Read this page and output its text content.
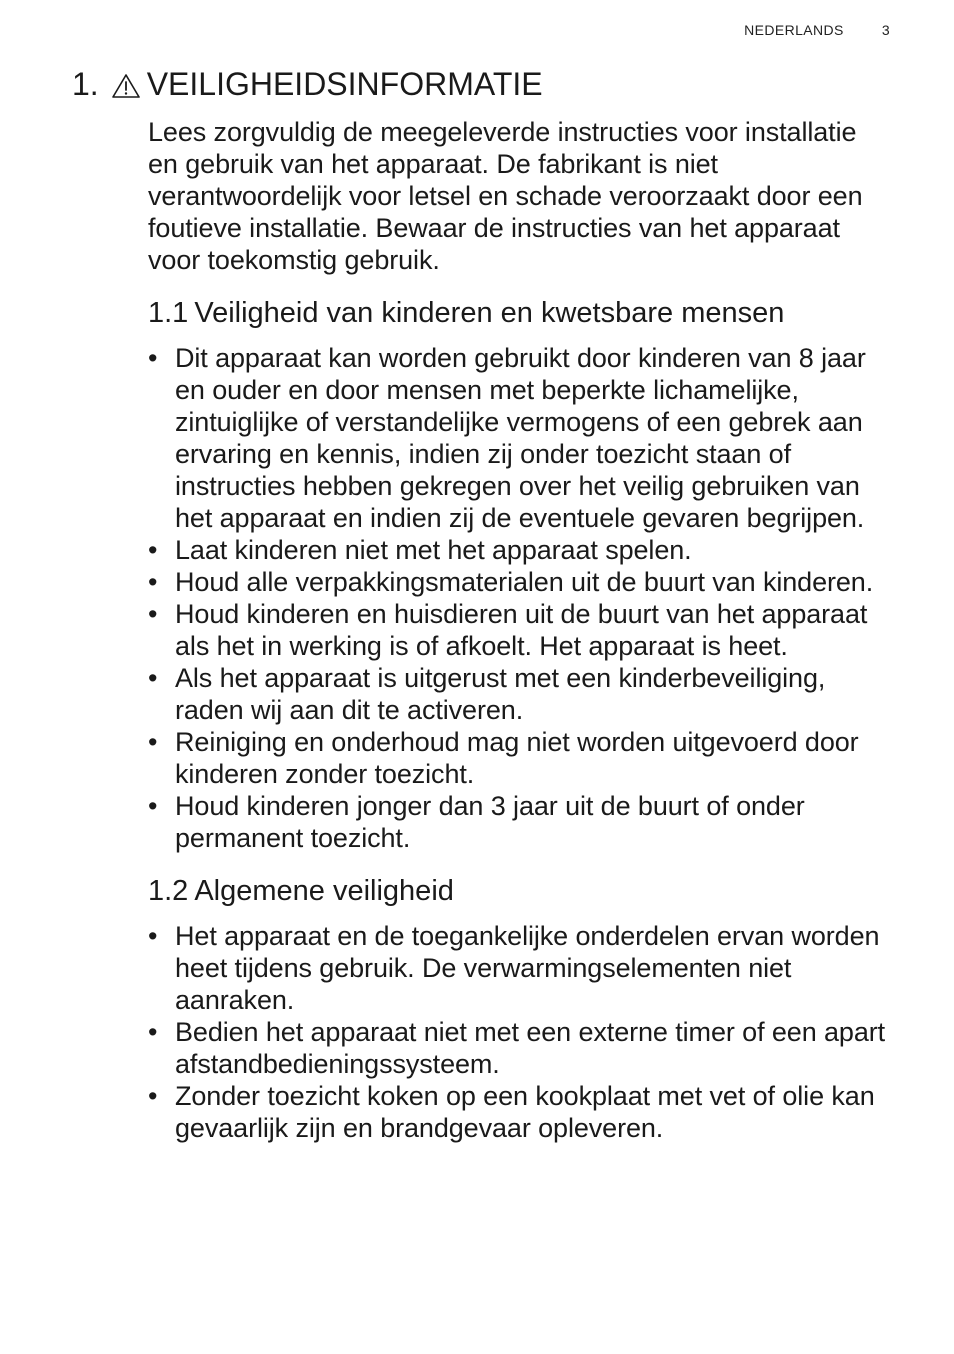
NEDERLANDS	3
1. VEILIGHEIDSINFORMATIE

Lees zorgvuldig de meegeleverde instructies voor installatie en gebruik van het apparaat. De fabrikant is niet verantwoordelijk voor letsel en schade veroorzaakt door een foutieve installatie. Bewaar de instructies van het apparaat voor toekomstig gebruik.

1.1 Veiligheid van kinderen en kwetsbare mensen
• Dit apparaat kan worden gebruikt door kinderen van 8 jaar en ouder en door mensen met beperkte lichamelijke, zintuiglijke of verstandelijke vermogens of een gebrek aan ervaring en kennis, indien zij onder toezicht staan of instructies hebben gekregen over het veilig gebruiken van het apparaat en indien zij de eventuele gevaren begrijpen.
• Laat kinderen niet met het apparaat spelen.
• Houd alle verpakkingsmaterialen uit de buurt van kinderen.
• Houd kinderen en huisdieren uit de buurt van het apparaat als het in werking is of afkoelt. Het apparaat is heet.
• Als het apparaat is uitgerust met een kinderbeveiliging, raden wij aan dit te activeren.
• Reiniging en onderhoud mag niet worden uitgevoerd door kinderen zonder toezicht.
• Houd kinderen jonger dan 3 jaar uit de buurt of onder permanent toezicht.
1.2 Algemene veiligheid
• Het apparaat en de toegankelijke onderdelen ervan worden heet tijdens gebruik. De verwarmingselementen niet aanraken.
• Bedien het apparaat niet met een externe timer of een apart afstandbedieningssysteem.
• Zonder toezicht koken op een kookplaat met vet of olie kan gevaarlijk zijn en brandgevaar opleveren.
